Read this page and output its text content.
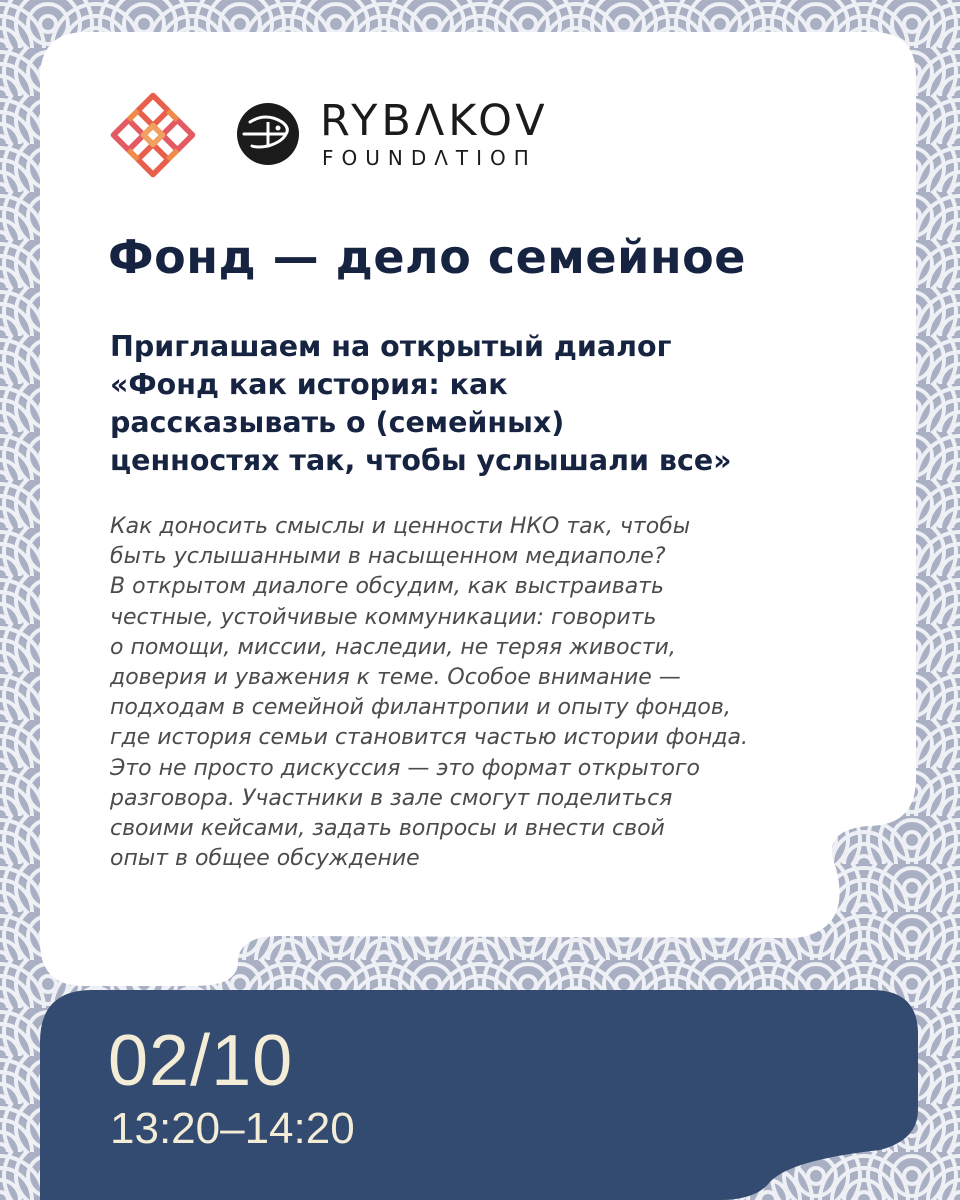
RYBΛKOV
FOUNDΛTIOП
Фонд — дело семейное

Приглашаем на открытый диалог
«Фонд как история: как
рассказывать о (семейных)
ценностях так, чтобы услышали все»

Как доносить смыслы и ценности НКО так, чтобы
быть услышанными в насыщенном медиаполе?
В открытом диалоге обсудим, как выстраивать
честные, устойчивые коммуникации: говорить
о помощи, миссии, наследии, не теряя живости,
доверия и уважения к теме. Особое внимание —
подходам в семейной филантропии и опыту фондов,
где история семьи становится частью истории фонда.
Это не просто дискуссия — это формат открытого
разговора. Участники в зале смогут поделиться
своими кейсами, задать вопросы и внести свой
опыт в общее обсуждение

02/10
13:20–14:20
